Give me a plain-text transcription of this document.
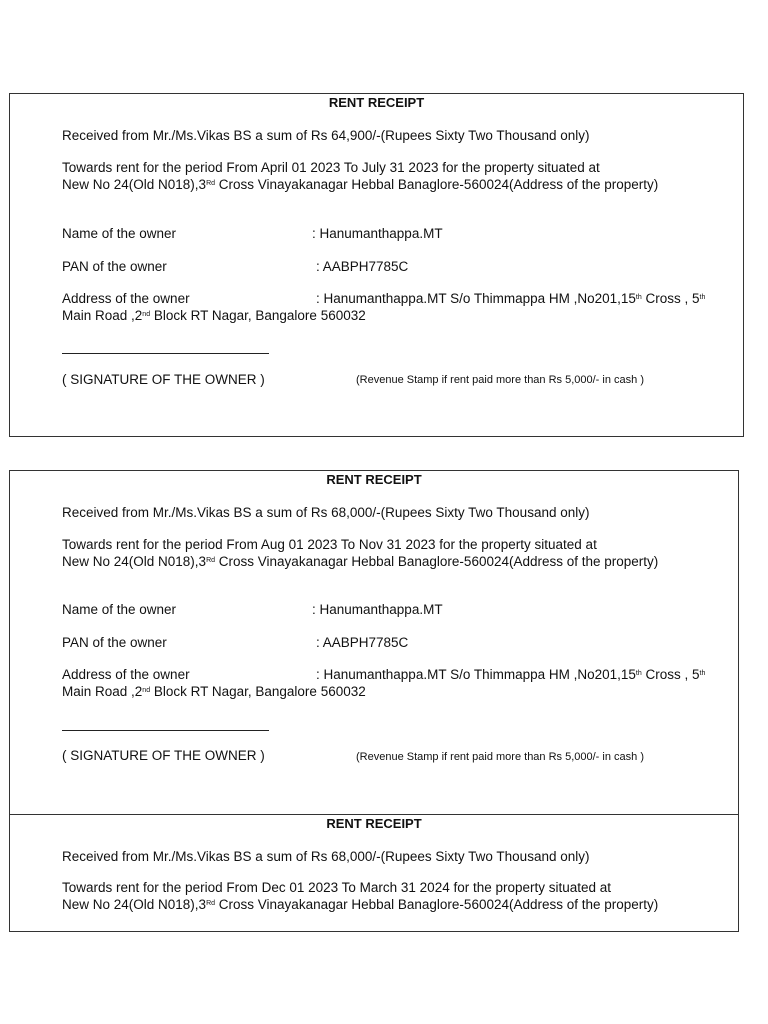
RENT RECEIPT
Received from Mr./Ms.Vikas BS a sum of Rs 64,900/-(Rupees Sixty Two Thousand only)
Towards rent for the period From April 01 2023 To July 31 2023 for the property situated at
New No 24(Old N018),3Rd Cross Vinayakanagar Hebbal Banaglore-560024(Address of the property)
Name of the owner	: Hanumanthappa.MT
PAN of the owner	: AABPH7785C
Address of the owner	: Hanumanthappa.MT S/o Thimmappa HM ,No201,15th Cross , 5th
Main Road ,2nd Block RT Nagar, Bangalore 560032
( SIGNATURE OF THE OWNER )	(Revenue Stamp if rent paid more than Rs 5,000/- in cash )
RENT RECEIPT
Received from Mr./Ms.Vikas BS a sum of Rs 68,000/-(Rupees Sixty Two Thousand only)
Towards rent for the period From Aug 01 2023 To Nov 31 2023 for the property situated at
New No 24(Old N018),3Rd Cross Vinayakanagar Hebbal Banaglore-560024(Address of the property)
Name of the owner	: Hanumanthappa.MT
PAN of the owner	: AABPH7785C
Address of the owner	: Hanumanthappa.MT S/o Thimmappa HM ,No201,15th Cross , 5th
Main Road ,2nd Block RT Nagar, Bangalore 560032
( SIGNATURE OF THE OWNER )	(Revenue Stamp if rent paid more than Rs 5,000/- in cash )
RENT RECEIPT
Received from Mr./Ms.Vikas BS a sum of Rs 68,000/-(Rupees Sixty Two Thousand only)
Towards rent for the period From Dec 01 2023 To March 31 2024 for the property situated at
New No 24(Old N018),3Rd Cross Vinayakanagar Hebbal Banaglore-560024(Address of the property)
